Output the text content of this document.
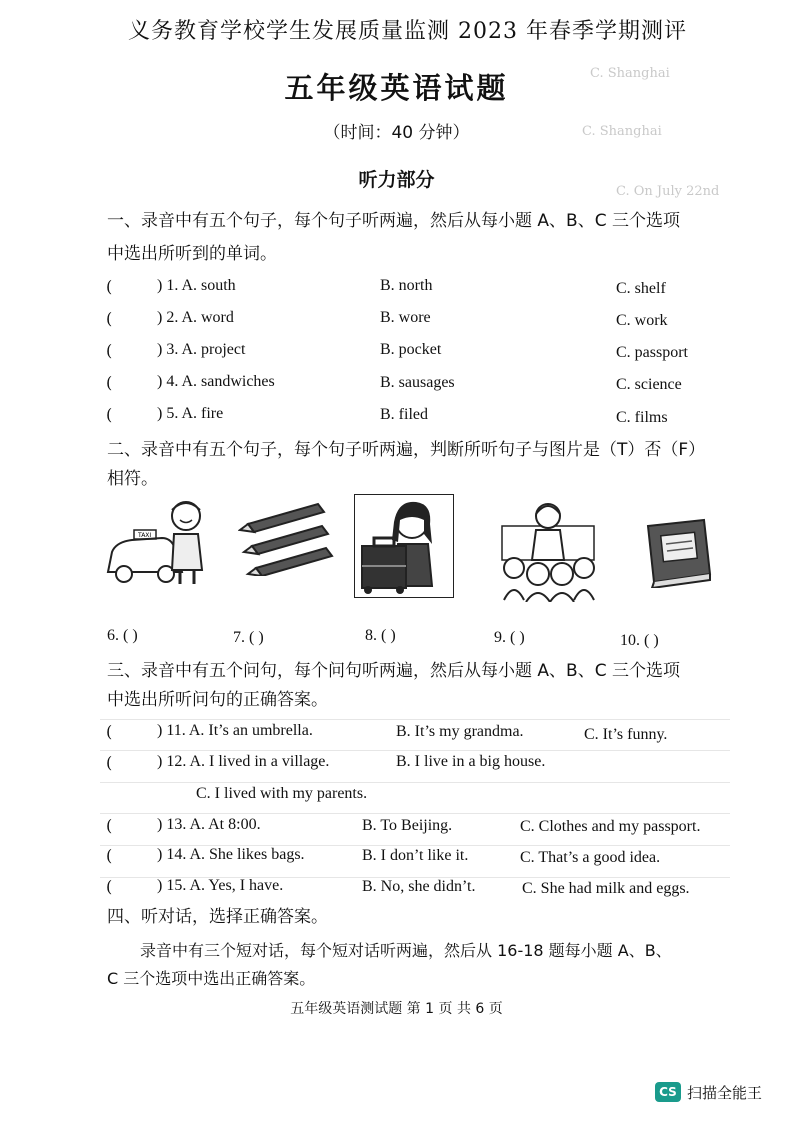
C. Shanghai
C. Shanghai
C. On July 22nd
义务教育学校学生发展质量监测 2023 年春季学期测评
五年级英语试题
（时间：40 分钟）
听力部分
一、录音中有五个句子，每个句子听两遍，然后从每小题 A、B、C 三个选项
中选出所听到的单词。
(	) 1. A. south	B. north	C. shelf
(	) 2. A. word	B. wore	C. work
(	) 3. A. project	B. pocket	C. passport
(	) 4. A. sandwiches	B. sausages	C. science
(	) 5. A. fire	B. filed	C. films
二、录音中有五个句子，每个句子听两遍，判断所听句子与图片是（T）否（F）
相符。
TAXI
6. ( )	7. ( )	8. ( )	9. ( )	10. ( )
三、录音中有五个问句，每个问句听两遍，然后从每小题 A、B、C 三个选项
中选出所听问句的正确答案。
(	) 11. A. It’s an umbrella.	B. It’s my grandma.	C. It’s funny.
(	) 12. A. I lived in a village.	B. I live in a big house.
C. I lived with my parents.
(	) 13. A. At 8:00.	B. To Beijing.	C. Clothes and my passport.
(	) 14. A. She likes bags.	B. I don’t like it.	C. That’s a good idea.
(	) 15. A. Yes, I have.	B. No, she didn’t.	C. She had milk and eggs.
四、听对话，选择正确答案。
录音中有三个短对话，每个短对话听两遍，然后从 16-18 题每小题 A、B、
C 三个选项中选出正确答案。
五年级英语测试题 第 1 页 共 6 页
CS 扫描全能王
